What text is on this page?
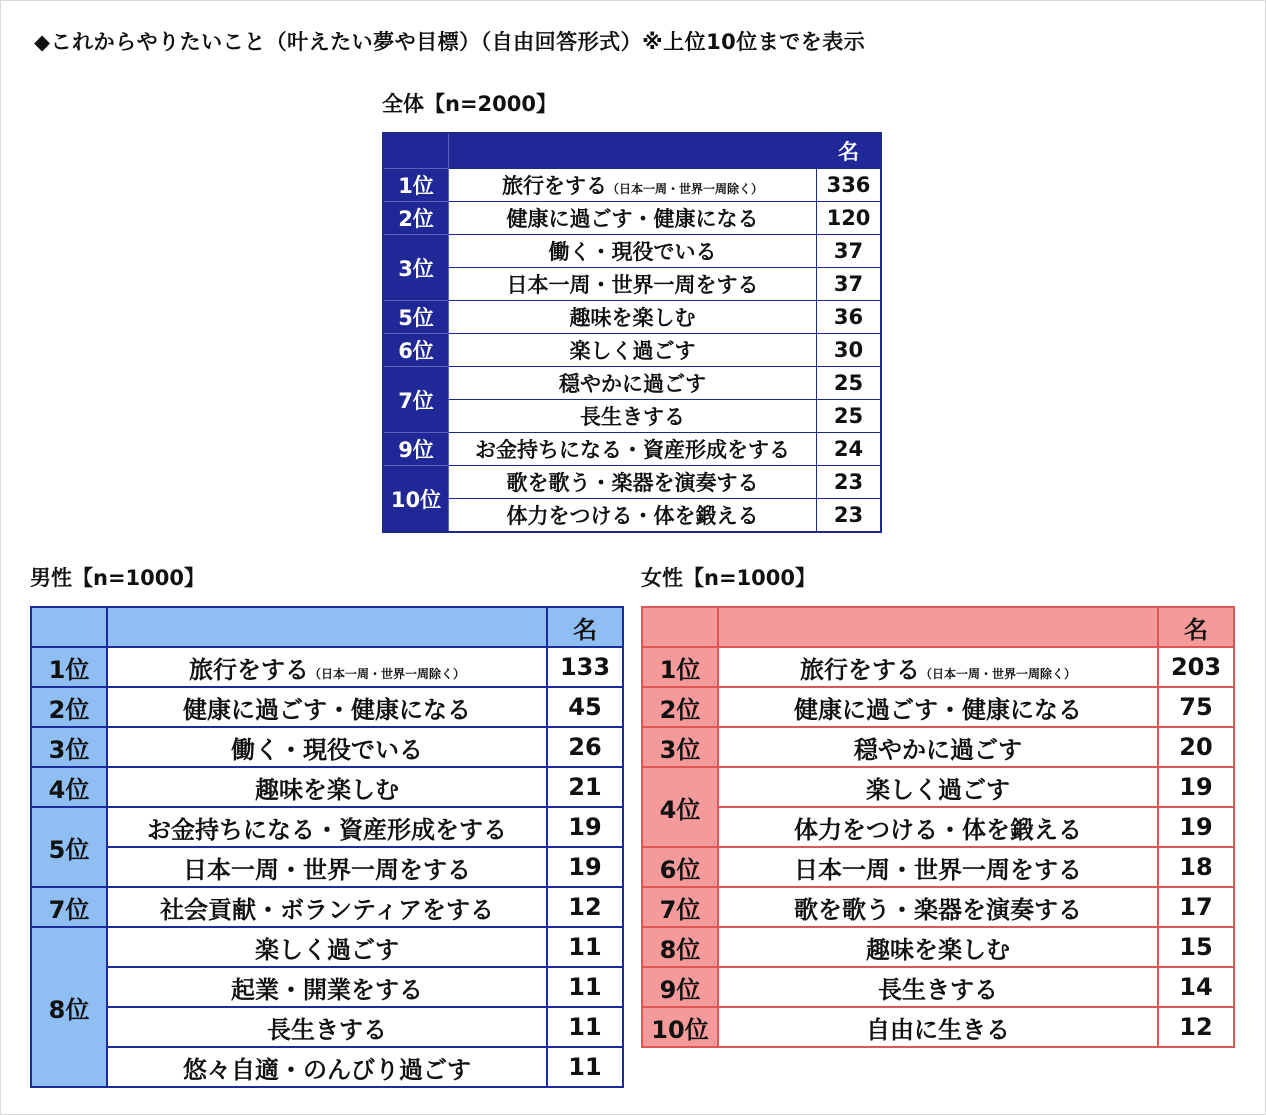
◆これからやりたいこと（叶えたい夢や目標）（自由回答形式）※上位10位までを表示
全体【n=2000】
		名
1位	旅行をする（日本一周・世界一周除く）	336
2位	健康に過ごす・健康になる	120
3位	働く・現役でいる	37
	日本一周・世界一周をする	37
5位	趣味を楽しむ	36
6位	楽しく過ごす	30
7位	穏やかに過ごす	25
	長生きする	25
9位	お金持ちになる・資産形成をする	24
10位	歌を歌う・楽器を演奏する	23
	体力をつける・体を鍛える	23
男性【n=1000】
		名
1位	旅行をする（日本一周・世界一周除く）	133
2位	健康に過ごす・健康になる	45
3位	働く・現役でいる	26
4位	趣味を楽しむ	21
5位	お金持ちになる・資産形成をする	19
	日本一周・世界一周をする	19
7位	社会貢献・ボランティアをする	12
8位	楽しく過ごす	11
	起業・開業をする	11
	長生きする	11
	悠々自適・のんびり過ごす	11
女性【n=1000】
		名
1位	旅行をする（日本一周・世界一周除く）	203
2位	健康に過ごす・健康になる	75
3位	穏やかに過ごす	20
4位	楽しく過ごす	19
	体力をつける・体を鍛える	19
6位	日本一周・世界一周をする	18
7位	歌を歌う・楽器を演奏する	17
8位	趣味を楽しむ	15
9位	長生きする	14
10位	自由に生きる	12
